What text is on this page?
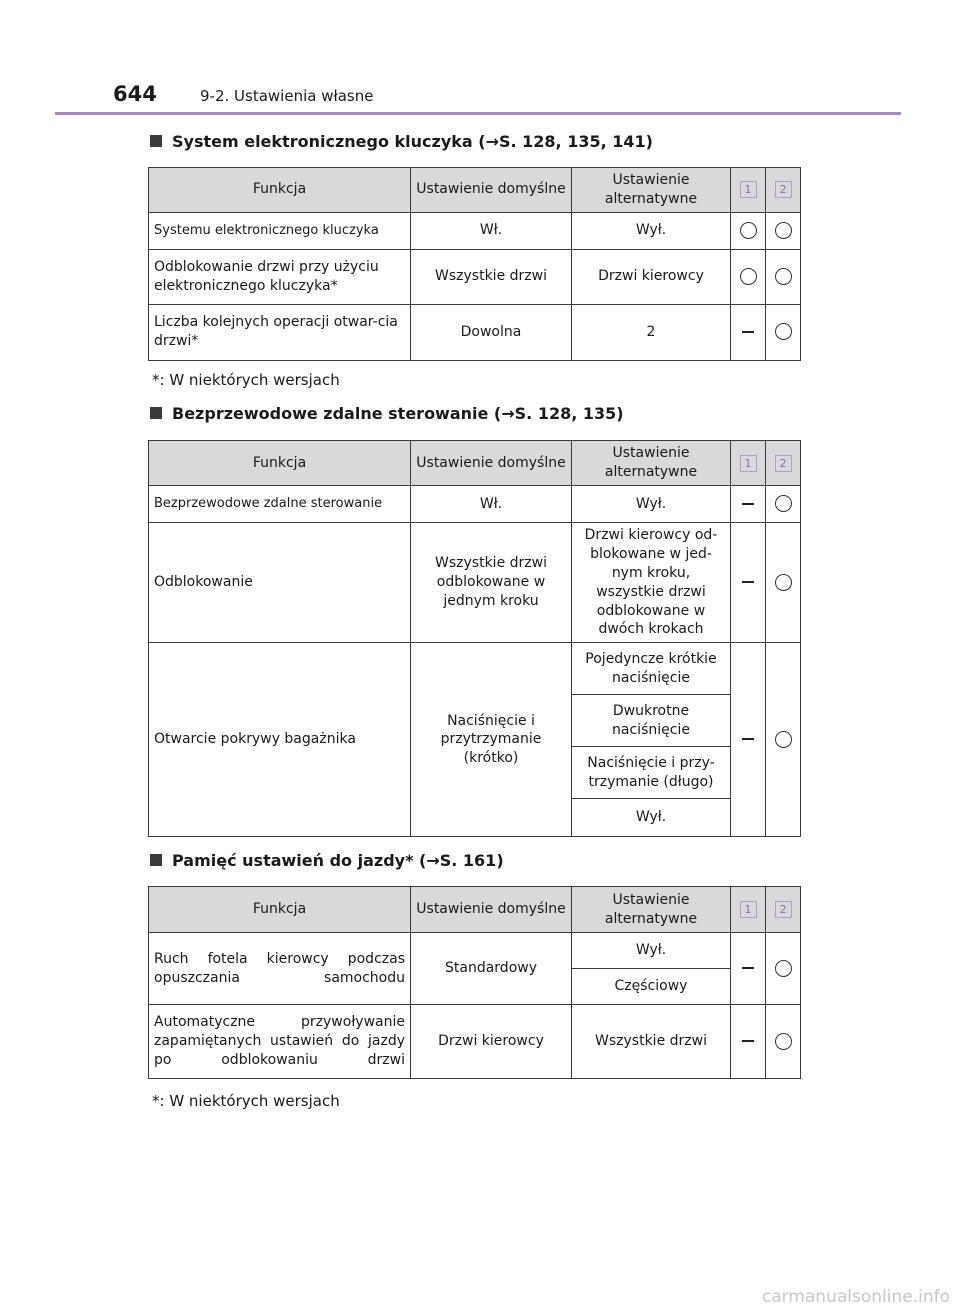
644	9-2. Ustawienia własne
System elektronicznego kluczyka (→S. 128, 135, 141)
Funkcja	Ustawienie domyślne	Ustawienie alternatywne	1	2
Systemu elektronicznego kluczyka	Wł.	Wył.		
Odblokowanie drzwi przy użyciu elektronicznego kluczyka*	Wszystkie drzwi	Drzwi kierowcy		
Liczba kolejnych operacji otwar-cia drzwi*	Dowolna	2		
*: W niektórych wersjach
Bezprzewodowe zdalne sterowanie (→S. 128, 135)
Funkcja	Ustawienie domyślne	Ustawienie alternatywne	1	2
Bezprzewodowe zdalne sterowanie	Wł.	Wył.		
Odblokowanie	Wszystkie drzwi odblokowane w jednym kroku	Drzwi kierowcy od-blokowane w jed-nym kroku, wszystkie drzwi odblokowane w dwóch krokach		
Otwarcie pokrywy bagażnika	Naciśnięcie i przytrzymanie (krótko)	Pojedyncze krótkie naciśnięcie		
		Dwukrotne naciśnięcie		
		Naciśnięcie i przy-trzymanie (długo)		
		Wył.		
Pamięć ustawień do jazdy* (→S. 161)
Funkcja	Ustawienie domyślne	Ustawienie alternatywne	1	2
Ruch fotela kierowcy podczas opuszczania samochodu	Standardowy	Wył.		
		Częściowy		
Automatyczne przywoływanie zapamiętanych ustawień do jazdy po odblokowaniu drzwi	Drzwi kierowcy	Wszystkie drzwi		
*: W niektórych wersjach
carmanualsonline.info
